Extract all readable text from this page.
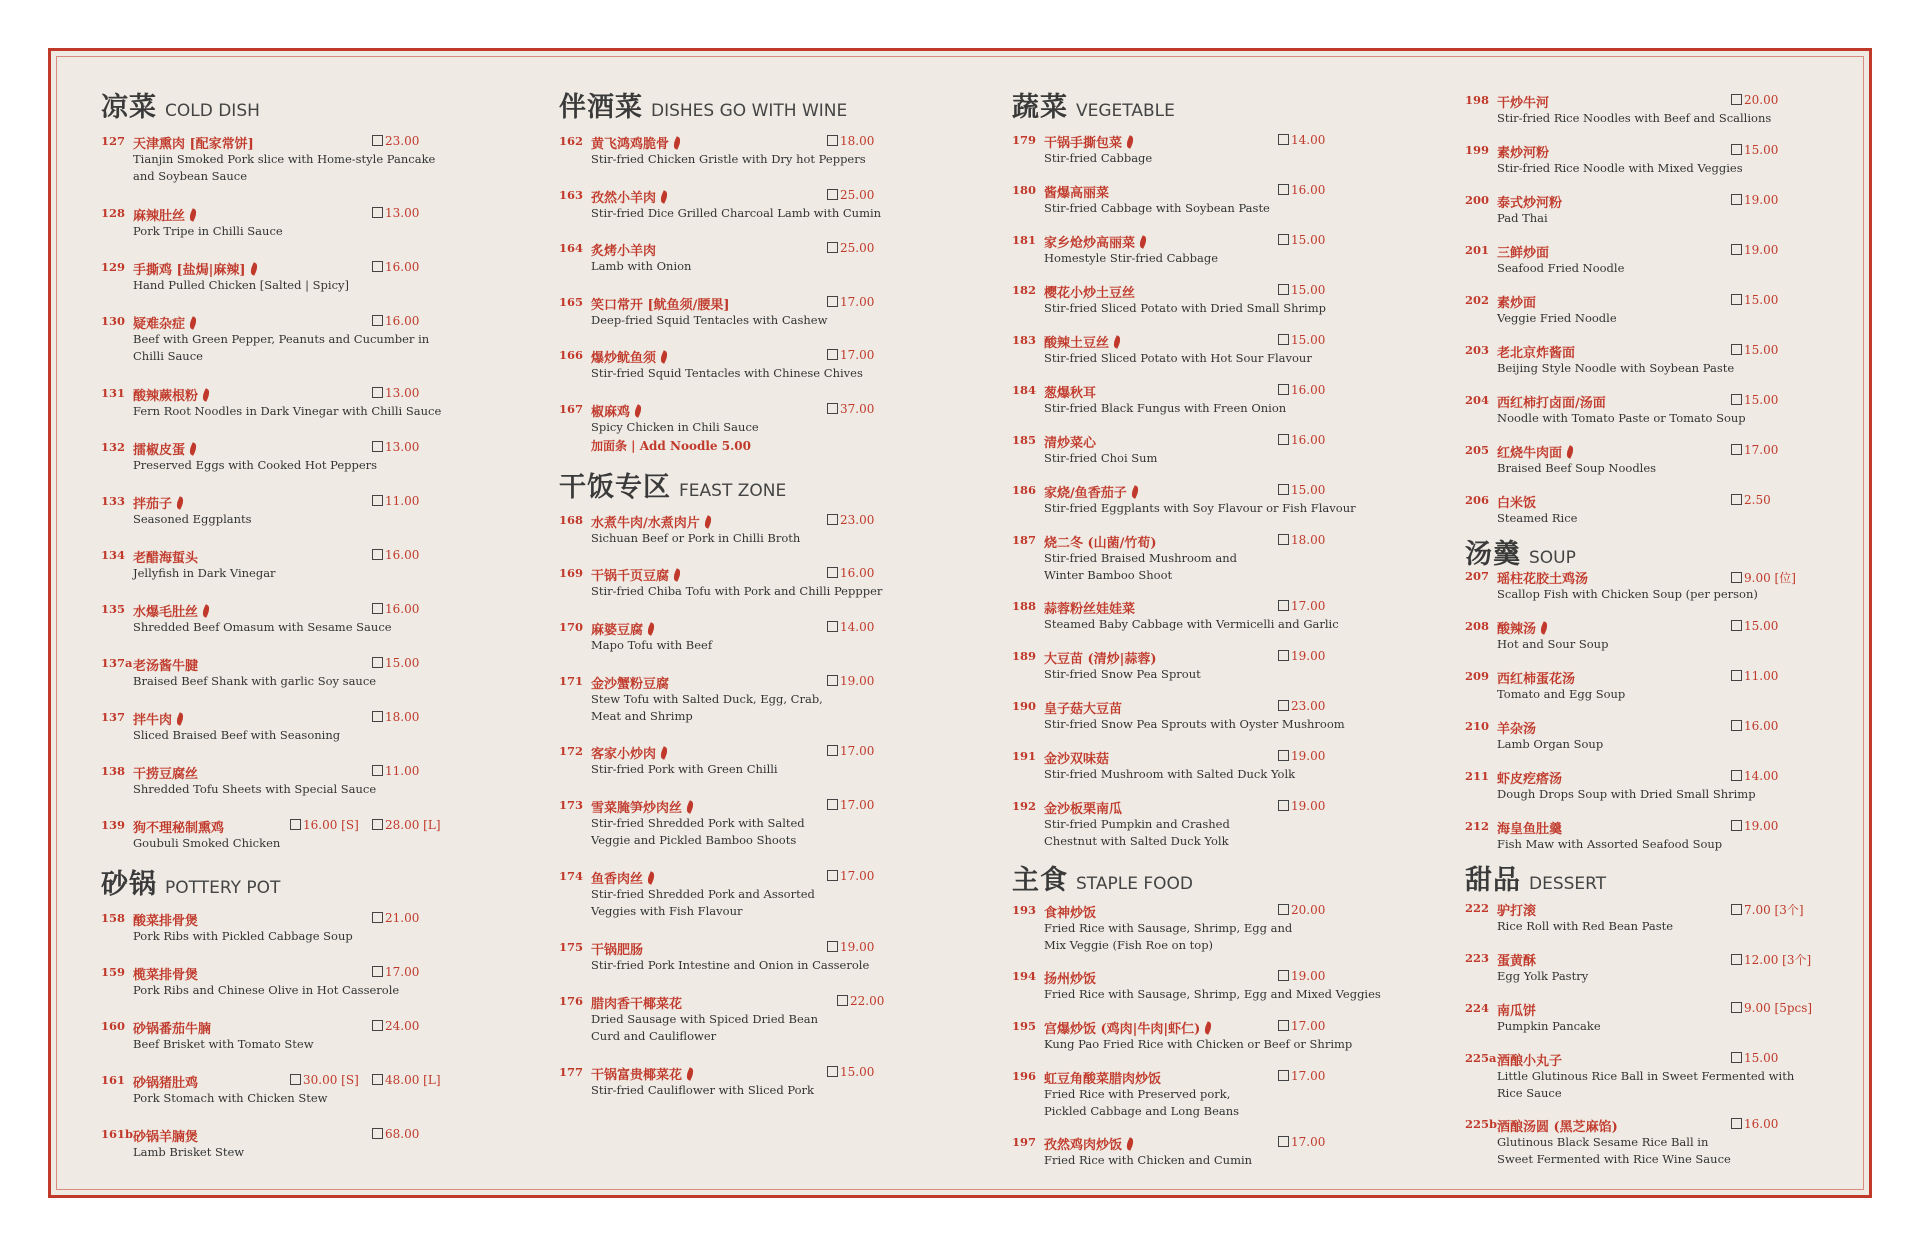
凉菜 COLD DISH
127 天津熏肉 [配家常饼]
Tianjin Smoked Pork slice with Home-style Pancake and Soybean Sauce
23.00
128 麻辣肚丝
Pork Tripe in Chilli Sauce
13.00
129 手撕鸡 [盐焗|麻辣]
Hand Pulled Chicken [Salted | Spicy]
16.00
130 疑难杂症
Beef with Green Pepper, Peanuts and Cucumber in Chilli Sauce
16.00
131 酸辣蕨根粉
Fern Root Noodles in Dark Vinegar with Chilli Sauce
13.00
132 擂椒皮蛋
Preserved Eggs with Cooked Hot Peppers
13.00
133 拌茄子
Seasoned Eggplants
11.00
134 老醋海蜇头
Jellyfish in Dark Vinegar
16.00
135 水爆毛肚丝
Shredded Beef Omasum with Sesame Sauce
16.00
137a 老汤酱牛腱
Braised Beef Shank with garlic Soy sauce
15.00
137 拌牛肉
Sliced Braised Beef with Seasoning
18.00
138 干捞豆腐丝
Shredded Tofu Sheets with Special Sauce
11.00
139 狗不理秘制熏鸡
Goubuli Smoked Chicken
16.00 [S]	28.00 [L]
砂锅 POTTERY POT
158 酸菜排骨煲
Pork Ribs with Pickled Cabbage Soup
21.00
159 榄菜排骨煲
Pork Ribs and Chinese Olive in Hot Casserole
17.00
160 砂锅番茄牛腩
Beef Brisket with Tomato Stew
24.00
161 砂锅猪肚鸡
Pork Stomach with Chicken Stew
30.00 [S]	48.00 [L]
161b 砂锅羊腩煲
Lamb Brisket Stew
68.00
伴酒菜 DISHES GO WITH WINE
162 黄飞鸿鸡脆骨
Stir-fried Chicken Gristle with Dry hot Peppers
18.00
163 孜然小羊肉
Stir-fried Dice Grilled Charcoal Lamb with Cumin
25.00
164 炙烤小羊肉
Lamb with Onion
25.00
165 笑口常开 [鱿鱼须/腰果]
Deep-fried Squid Tentacles with Cashew
17.00
166 爆炒鱿鱼须
Stir-fried Squid Tentacles with Chinese Chives
17.00
167 椒麻鸡
Spicy Chicken in Chili Sauce
加面条 | Add Noodle 5.00
37.00
干饭专区 FEAST ZONE
168 水煮牛肉/水煮肉片
Sichuan Beef or Pork in Chilli Broth
23.00
169 干锅千页豆腐
Stir-fried Chiba Tofu with Pork and Chilli Peppper
16.00
170 麻婆豆腐
Mapo Tofu with Beef
14.00
171 金沙蟹粉豆腐
Stew Tofu with Salted Duck, Egg, Crab, Meat and Shrimp
19.00
172 客家小炒肉
Stir-fried Pork with Green Chilli
17.00
173 雪菜腌笋炒肉丝
Stir-fried Shredded Pork with Salted Veggie and Pickled Bamboo Shoots
17.00
174 鱼香肉丝
Stir-fried Shredded Pork and Assorted Veggies with Fish Flavour
17.00
175 干锅肥肠
Stir-fried Pork Intestine and Onion in Casserole
19.00
176 腊肉香干椰菜花
Dried Sausage with Spiced Dried Bean Curd and Cauliflower
22.00
177 干锅富贵椰菜花
Stir-fried Cauliflower with Sliced Pork
15.00
蔬菜 VEGETABLE
179 干锅手撕包菜
Stir-fried Cabbage
14.00
180 酱爆高丽菜
Stir-fried Cabbage with Soybean Paste
16.00
181 家乡炝炒高丽菜
Homestyle Stir-fried Cabbage
15.00
182 樱花小炒土豆丝
Stir-fried Sliced Potato with Dried Small Shrimp
15.00
183 酸辣土豆丝
Stir-fried Sliced Potato with Hot Sour Flavour
15.00
184 葱爆秋耳
Stir-fried Black Fungus with Freen Onion
16.00
185 清炒菜心
Stir-fried Choi Sum
16.00
186 家烧/鱼香茄子
Stir-fried Eggplants with Soy Flavour or Fish Flavour
15.00
187 烧二冬 (山菌/竹荀)
Stir-fried Braised Mushroom and Winter Bamboo Shoot
18.00
188 蒜蓉粉丝娃娃菜
Steamed Baby Cabbage with Vermicelli and Garlic
17.00
189 大豆苗 (清炒|蒜蓉)
Stir-fried Snow Pea Sprout
19.00
190 皇子菇大豆苗
Stir-fried Snow Pea Sprouts with Oyster Mushroom
23.00
191 金沙双味菇
Stir-fried Mushroom with Salted Duck Yolk
19.00
192 金沙板栗南瓜
Stir-fried Pumpkin and Crashed Chestnut with Salted Duck Yolk
19.00
主食 STAPLE FOOD
193 食神炒饭
Fried Rice with Sausage, Shrimp, Egg and Mix Veggie (Fish Roe on top)
20.00
194 扬州炒饭
Fried Rice with Sausage, Shrimp, Egg and Mixed Veggies
19.00
195 宫爆炒饭 (鸡肉|牛肉|虾仁)
Kung Pao Fried Rice with Chicken or Beef or Shrimp
17.00
196 虹豆角酸菜腊肉炒饭
Fried Rice with Preserved pork, Pickled Cabbage and Long Beans
17.00
197 孜然鸡肉炒饭
Fried Rice with Chicken and Cumin
17.00
198 干炒牛河
Stir-fried Rice Noodles with Beef and Scallions
20.00
199 素炒河粉
Stir-fried Rice Noodle with Mixed Veggies
15.00
200 泰式炒河粉
Pad Thai
19.00
201 三鲜炒面
Seafood Fried Noodle
19.00
202 素炒面
Veggie Fried Noodle
15.00
203 老北京炸酱面
Beijing Style Noodle with Soybean Paste
15.00
204 西红柿打卤面/汤面
Noodle with Tomato Paste or Tomato Soup
15.00
205 红烧牛肉面
Braised Beef Soup Noodles
17.00
206 白米饭
Steamed Rice
2.50
汤羹 SOUP
207 瑶柱花胶土鸡汤
Scallop Fish with Chicken Soup (per person)
9.00 [位]
208 酸辣汤
Hot and Sour Soup
15.00
209 西红柿蛋花汤
Tomato and Egg Soup
11.00
210 羊杂汤
Lamb Organ Soup
16.00
211 虾皮疙瘩汤
Dough Drops Soup with Dried Small Shrimp
14.00
212 海皇鱼肚羹
Fish Maw with Assorted Seafood Soup
19.00
甜品 DESSERT
222 驴打滚
Rice Roll with Red Bean Paste
7.00 [3个]
223 蛋黄酥
Egg Yolk Pastry
12.00 [3个]
224 南瓜饼
Pumpkin Pancake
9.00 [5pcs]
225a 酒酿小丸子
Little Glutinous Rice Ball in Sweet Fermented with Rice Sauce
15.00
225b 酒酿汤圆 (黑芝麻馅)
Glutinous Black Sesame Rice Ball in Sweet Fermented with Rice Wine Sauce
16.00
